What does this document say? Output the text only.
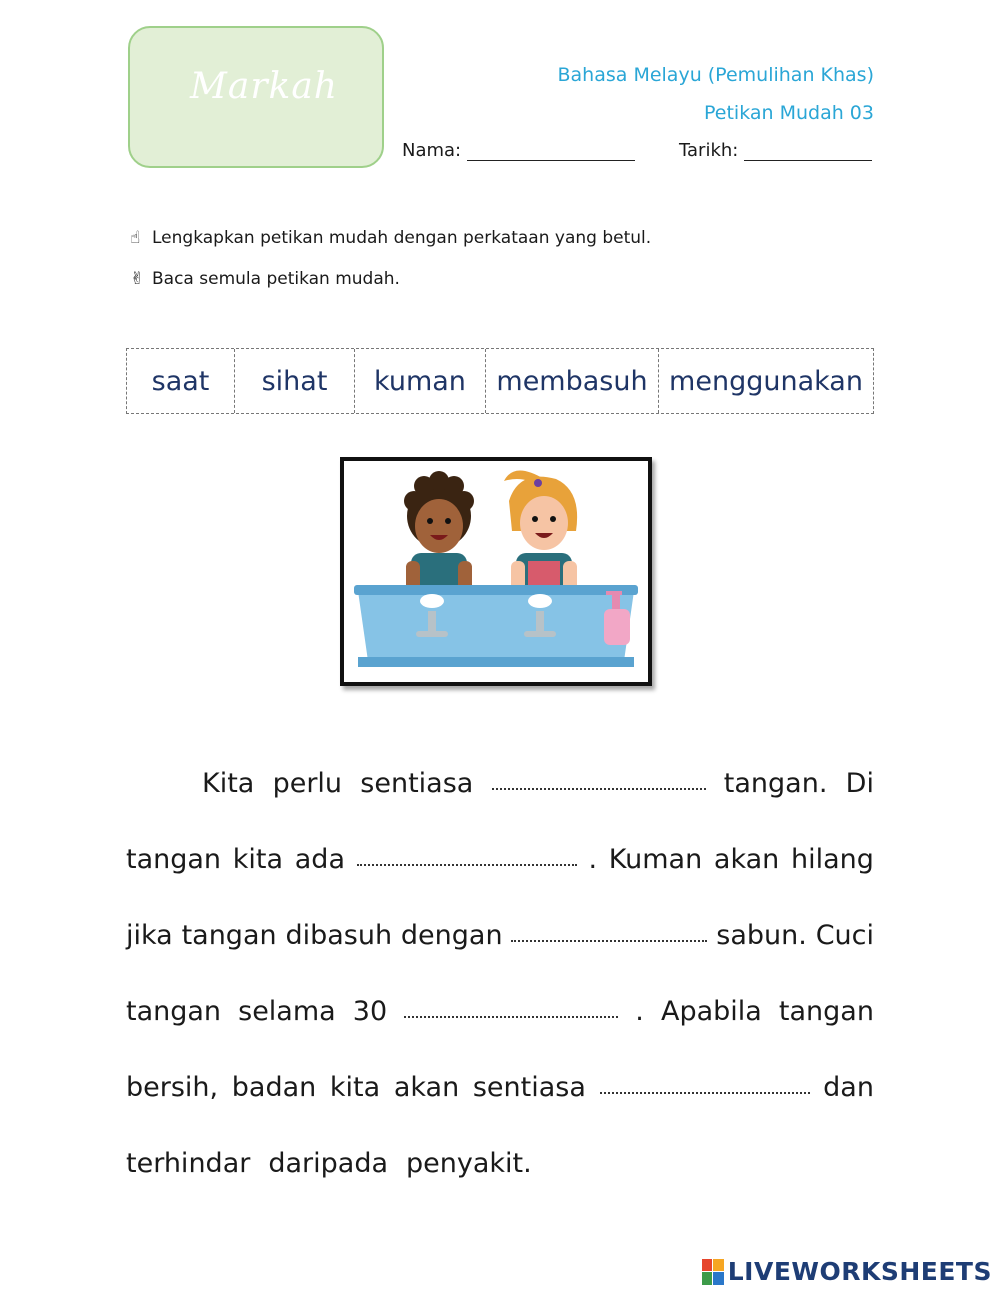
Markah	Bahasa Melayu (Pemulihan Khas)
Petikan Mudah 03
Nama:	Tarikh:
☝ Lengkapkan petikan mudah dengan perkataan yang betul.
✌ Baca semula petikan mudah.
saat	sihat	kuman	membasuh menggunakan
Kita perlu sentiasa	tangan. Di
tangan kita ada	. Kuman akan hilang
jika tangan dibasuh dengan	sabun. Cuci
tangan selama 30	. Apabila tangan
bersih, badan kita akan sentiasa	dan
terhindar daripada penyakit.
LIVEWORKSHEETS
